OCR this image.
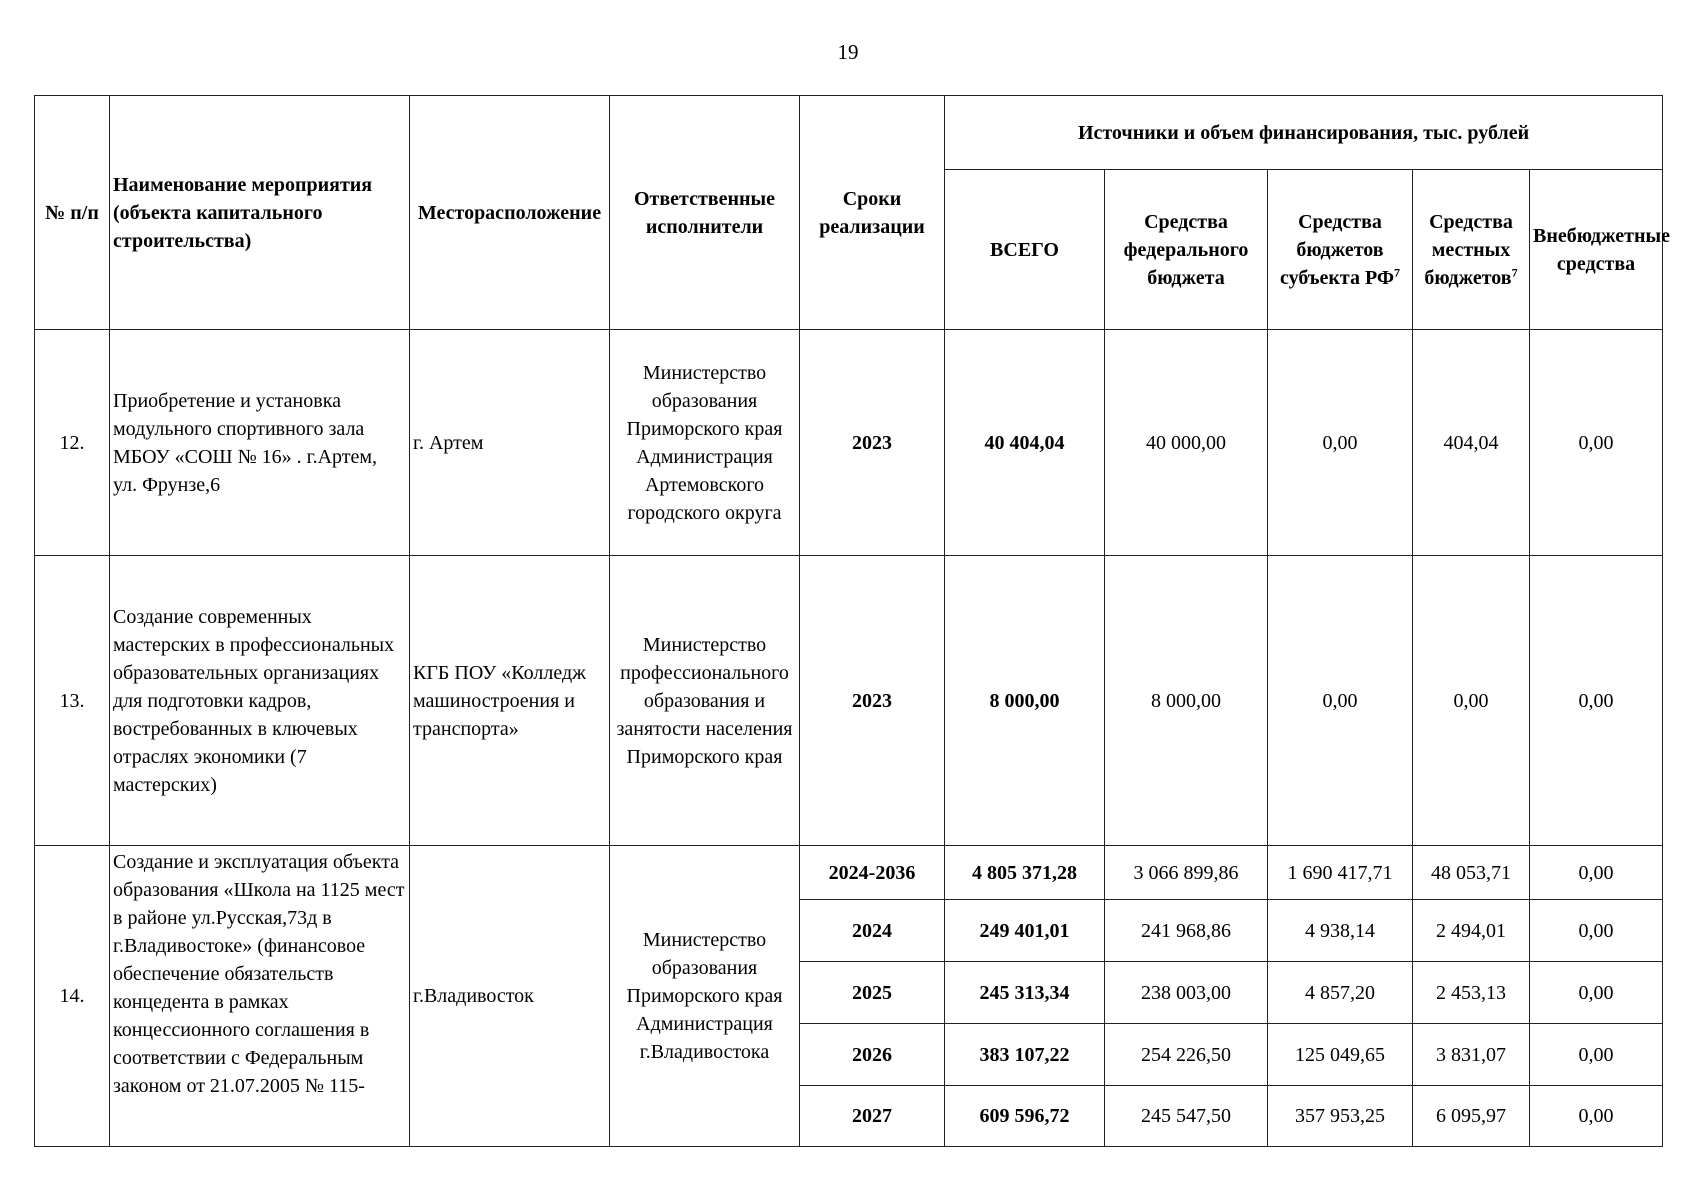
19
№ п/п	Наименование мероприятия (объекта капитального строительства)	Месторасположение	Ответственные исполнители	Сроки реализации	Источники и объем финансирования, тыс. рублей				
					ВСЕГО	Средства федерального бюджета	Средства бюджетов субъекта $РФ^7$	Средства местных бюджетов$^7$	Внебюджетные средства
12.	Приобретение и установка модульного спортивного зала МБОУ «СОШ № 16» . г.Артем, ул. Фрунзе,6	г. Артем	Министерство образования Приморского края Администрация Артемовского городского округа	2023	40 404,04	40 000,00	0,00	404,04	0,00
13.	Создание современных мастерских в профессиональных образовательных организациях для подготовки кадров, востребованных в ключевых отраслях экономики (7 мастерских)	КГБ ПОУ «Колледж машиностроения и транспорта»	Министерство профессионального образования и занятости населения Приморского края	2023	8 000,00	8 000,00	0,00	0,00	0,00
14.	Создание и эксплуатация объекта образования «Школа на 1125 мест в районе ул.Русская,73д в г.Владивостоке» (финансовое обеспечение обязательств концедента в рамках концессионного соглашения в соответствии с Федеральным законом от 21.07.2005 № 115-	г.Владивосток	Министерство образования Приморского края Администрация г.Владивостока	2024-2036	4 805 371,28	3 066 899,86	1 690 417,71	48 053,71	0,00
				2024	249 401,01	241 968,86	4 938,14	2 494,01	0,00
				2025	245 313,34	238 003,00	4 857,20	2 453,13	0,00
				2026	383 107,22	254 226,50	125 049,65	3 831,07	0,00
				2027	609 596,72	245 547,50	357 953,25	6 095,97	0,00
